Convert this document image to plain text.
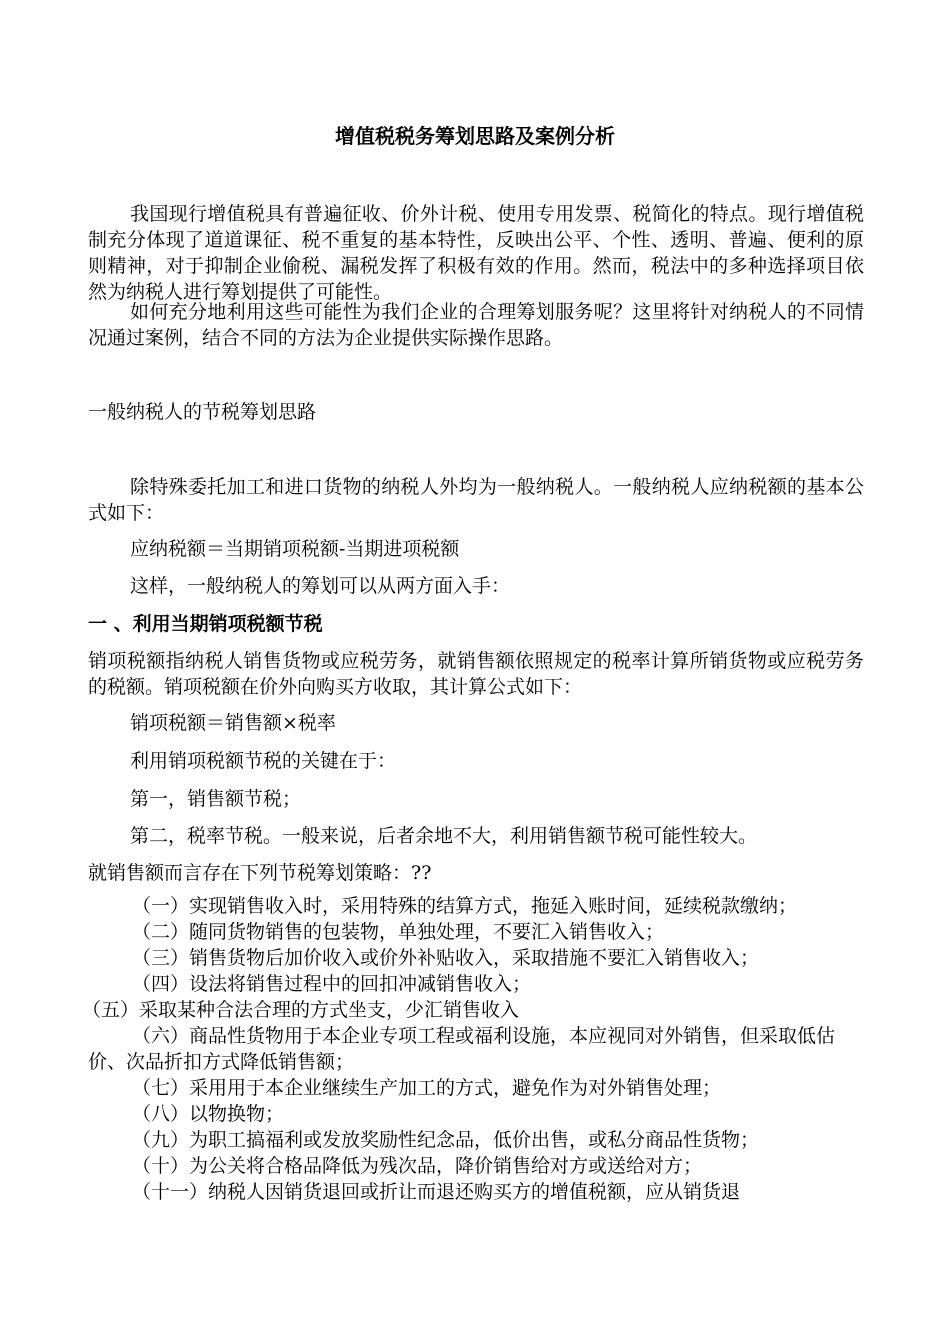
增值税税务筹划思路及案例分析

我国现行增值税具有普遍征收、价外计税、使用专用发票、税简化的特点。现行增值税制充分体现了道道课征、税不重复的基本特性，反映出公平、个性、透明、普遍、便利的原则精神，对于抑制企业偷税、漏税发挥了积极有效的作用。然而，税法中的多种选择项目依然为纳税人进行筹划提供了可能性。

如何充分地利用这些可能性为我们企业的合理筹划服务呢？这里将针对纳税人的不同情况通过案例，结合不同的方法为企业提供实际操作思路。

一般纳税人的节税筹划思路

除特殊委托加工和进口货物的纳税人外均为一般纳税人。一般纳税人应纳税额的基本公式如下：

应纳税额＝当期销项税额-当期进项税额

这样，一般纳税人的筹划可以从两方面入手：

一 、利用当期销项税额节税

销项税额指纳税人销售货物或应税劳务，就销售额依照规定的税率计算所销货物或应税劳务的税额。销项税额在价外向购买方收取，其计算公式如下：

销项税额＝销售额×税率

利用销项税额节税的关键在于：

第一，销售额节税；

第二，税率节税。一般来说，后者余地不大，利用销售额节税可能性较大。

就销售额而言存在下列节税筹划策略：??

（一）实现销售收入时，采用特殊的结算方式，拖延入账时间，延续税款缴纳；

（二）随同货物销售的包装物，单独处理，不要汇入销售收入；

（三）销售货物后加价收入或价外补贴收入，采取措施不要汇入销售收入；

（四）设法将销售过程中的回扣冲减销售收入；

（五）采取某种合法合理的方式坐支，少汇销售收入

（六）商品性货物用于本企业专项工程或福利设施，本应视同对外销售，但采取低估价、次品折扣方式降低销售额；

（七）采用用于本企业继续生产加工的方式，避免作为对外销售处理；

（八）以物换物；

（九）为职工搞福利或发放奖励性纪念品，低价出售，或私分商品性货物；

（十）为公关将合格品降低为残次品，降价销售给对方或送给对方；

（十一）纳税人因销货退回或折让而退还购买方的增值税额，应从销货退
